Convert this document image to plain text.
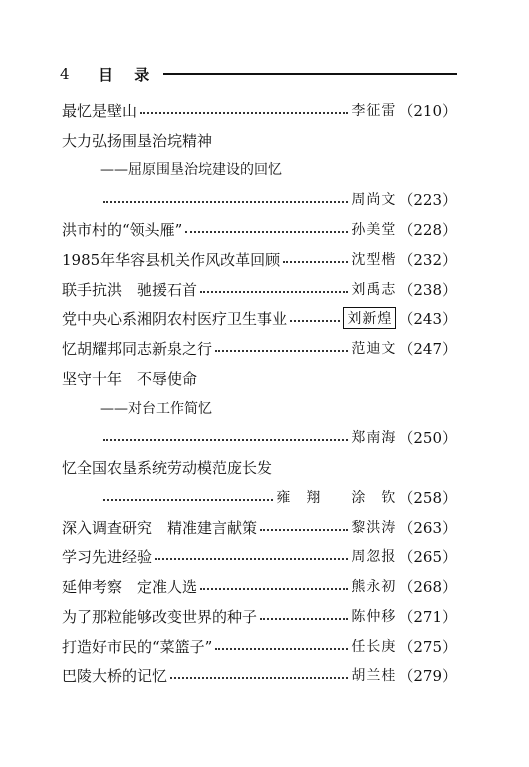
4	目 录
最忆是壁山	李征雷 （210）
大力弘扬围垦治垸精神
——屈原围垦治垸建设的回忆
周尚文 （223）
洪市村的“领头雁”	孙美堂 （228）
1985年华容县机关作风改革回顾	沈型楷 （232）
联手抗洪　驰援石首	刘禹志 （238）
党中央心系湘阴农村医疗卫生事业	刘新煌 （243）
忆胡耀邦同志新泉之行	范迪文 （247）
坚守十年　不辱使命
——对台工作简忆
郑南海 （250）
忆全国农垦系统劳动模范庞长发
雍　翔　　涂　钦 （258）
深入调查研究　精准建言献策	黎洪涛 （263）
学习先进经验	周忽报 （265）
延伸考察　定准人选	熊永初 （268）
为了那粒能够改变世界的种子	陈仲移 （271）
打造好市民的“菜篮子”	任长庚 （275）
巴陵大桥的记忆	胡兰桂 （279）
